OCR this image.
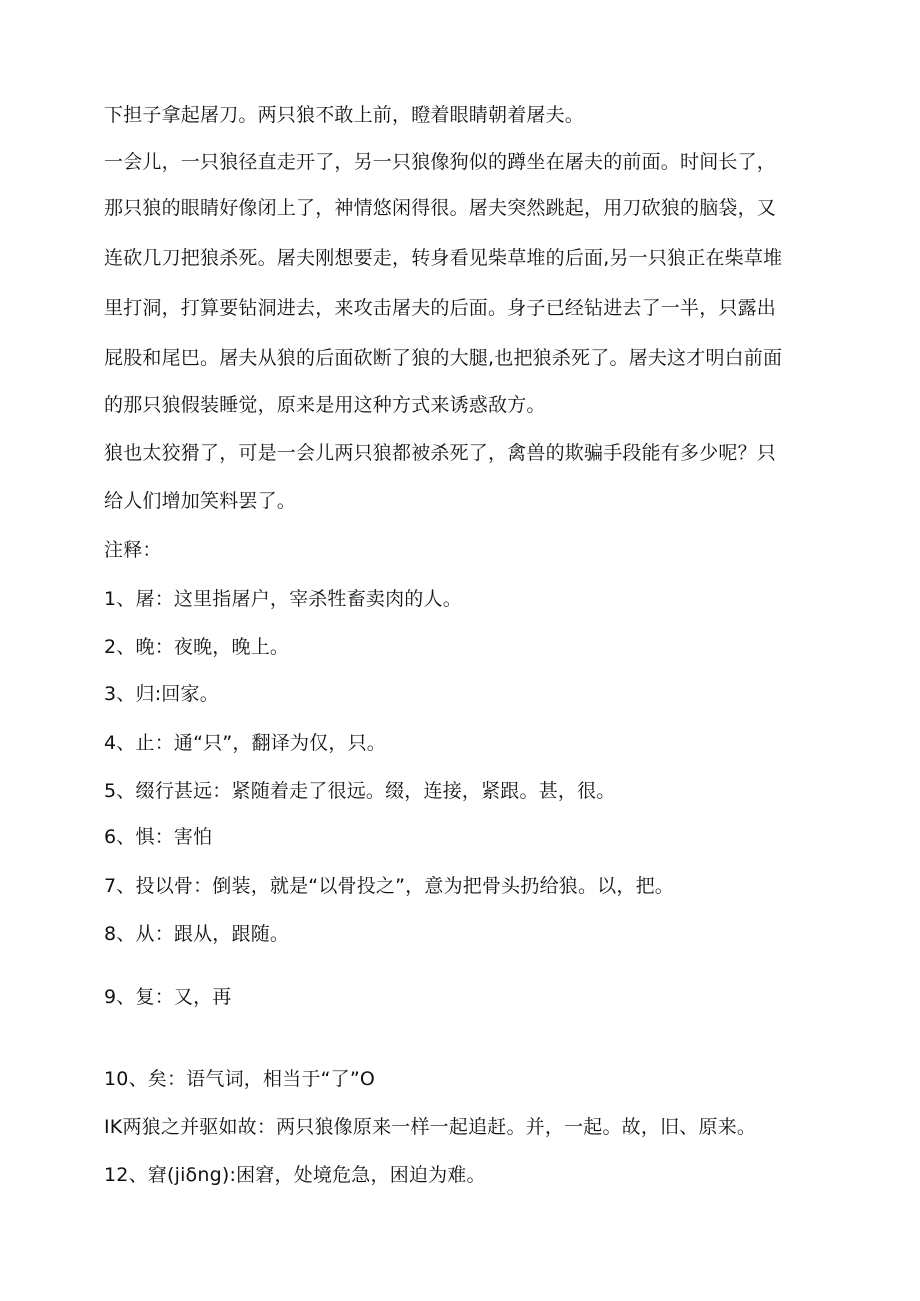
下担子拿起屠刀。两只狼不敢上前，瞪着眼睛朝着屠夫。
一会儿，一只狼径直走开了，另一只狼像狗似的蹲坐在屠夫的前面。时间长了，
那只狼的眼睛好像闭上了，神情悠闲得很。屠夫突然跳起，用刀砍狼的脑袋，又
连砍几刀把狼杀死。屠夫刚想要走，转身看见柴草堆的后面,另一只狼正在柴草堆
里打洞，打算要钻洞进去，来攻击屠夫的后面。身子已经钻进去了一半，只露出
屁股和尾巴。屠夫从狼的后面砍断了狼的大腿,也把狼杀死了。屠夫这才明白前面
的那只狼假装睡觉，原来是用这种方式来诱惑敌方。
狼也太狡猾了，可是一会儿两只狼都被杀死了，禽兽的欺骗手段能有多少呢？只
给人们增加笑料罢了。
注释：
1、屠：这里指屠户，宰杀牲畜卖肉的人。
2、晚：夜晚，晚上。
3、归:回家。
4、止：通“只”，翻译为仅，只。
5、缀行甚远：紧随着走了很远。缀，连接，紧跟。甚，很。
6、惧：害怕
7、投以骨：倒装，就是“以骨投之”，意为把骨头扔给狼。以，把。
8、从：跟从，跟随。
9、复：又，再
10、矣：语气词，相当于“了”O
IK两狼之并驱如故：两只狼像原来一样一起追赶。并，一起。故，旧、原来。
12、窘(jiδng):困窘，处境危急，困迫为难。
